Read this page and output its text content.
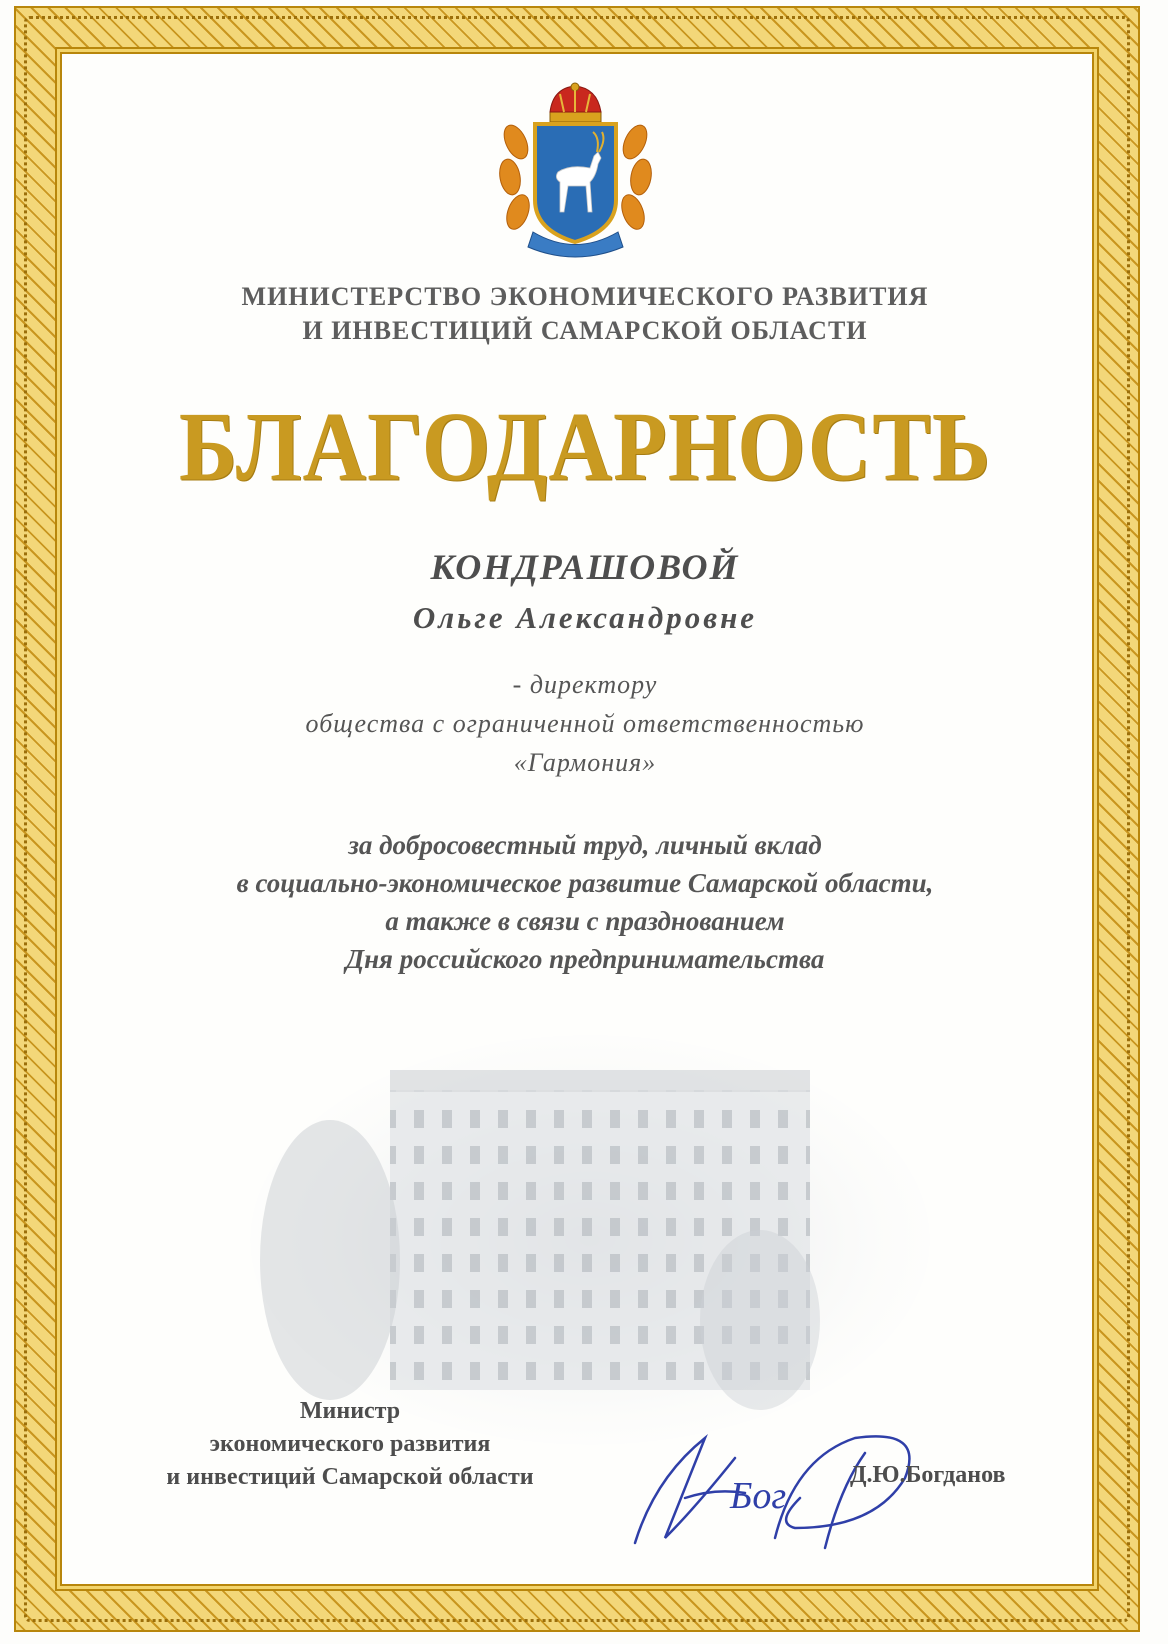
МИНИСТЕРСТВО ЭКОНОМИЧЕСКОГО РАЗВИТИЯ
И ИНВЕСТИЦИЙ САМАРСКОЙ ОБЛАСТИ
БЛАГОДАРНОСТЬ
КОНДРАШОВОЙ
Ольге Александровне
- директору
общества с ограниченной ответственностью
«Гармония»
за добросовестный труд, личный вклад
в социально-экономическое развитие Самарской области,
а также в связи с празднованием
Дня российского предпринимательства
Министр
экономического развития
и инвестиций Самарской области	Бог	Д.Ю.Богданов
